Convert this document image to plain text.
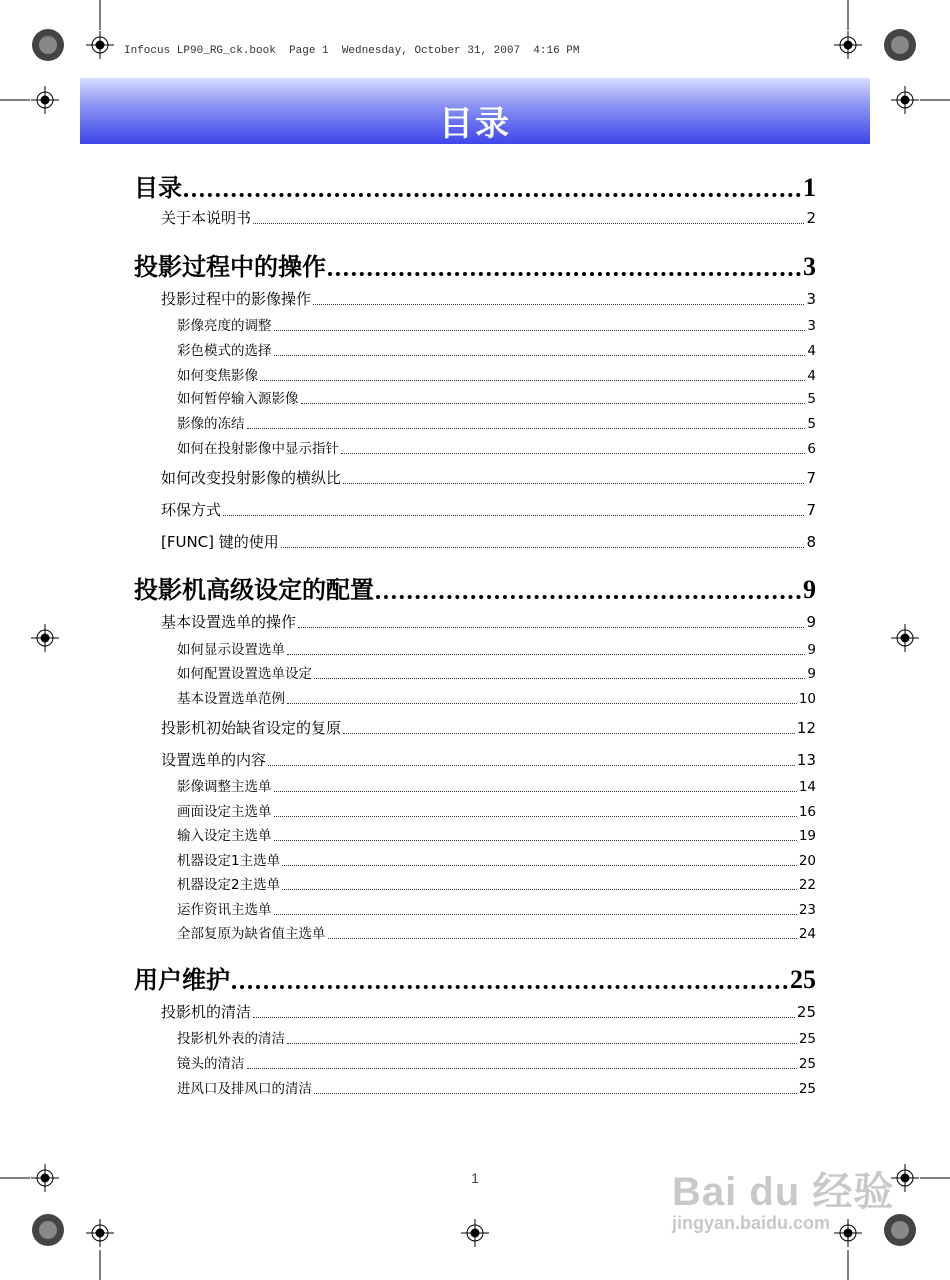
Infocus LP90_RG_ck.book  Page 1  Wednesday, October 31, 2007  4:16 PM
目录
目录	1
关于本说明书	2
投影过程中的操作	3
投影过程中的影像操作	3
影像亮度的调整	3
彩色模式的选择	4
如何变焦影像	4
如何暂停输入源影像	5
影像的冻结	5
如何在投射影像中显示指针	6
如何改变投射影像的横纵比	7
环保方式	7
[FUNC] 键的使用	8
投影机高级设定的配置	9
基本设置选单的操作	9
如何显示设置选单	9
如何配置设置选单设定	9
基本设置选单范例	10
投影机初始缺省设定的复原	12
设置选单的内容	13
影像调整主选单	14
画面设定主选单	16
输入设定主选单	19
机器设定1主选单	20
机器设定2主选单	22
运作资讯主选单	23
全部复原为缺省值主选单	24
用户维护	25
投影机的清洁	25
投影机外表的清洁	25
镜头的清洁	25
进风口及排风口的清洁	25
1	Bai du 经验
jingyan.baidu.com
